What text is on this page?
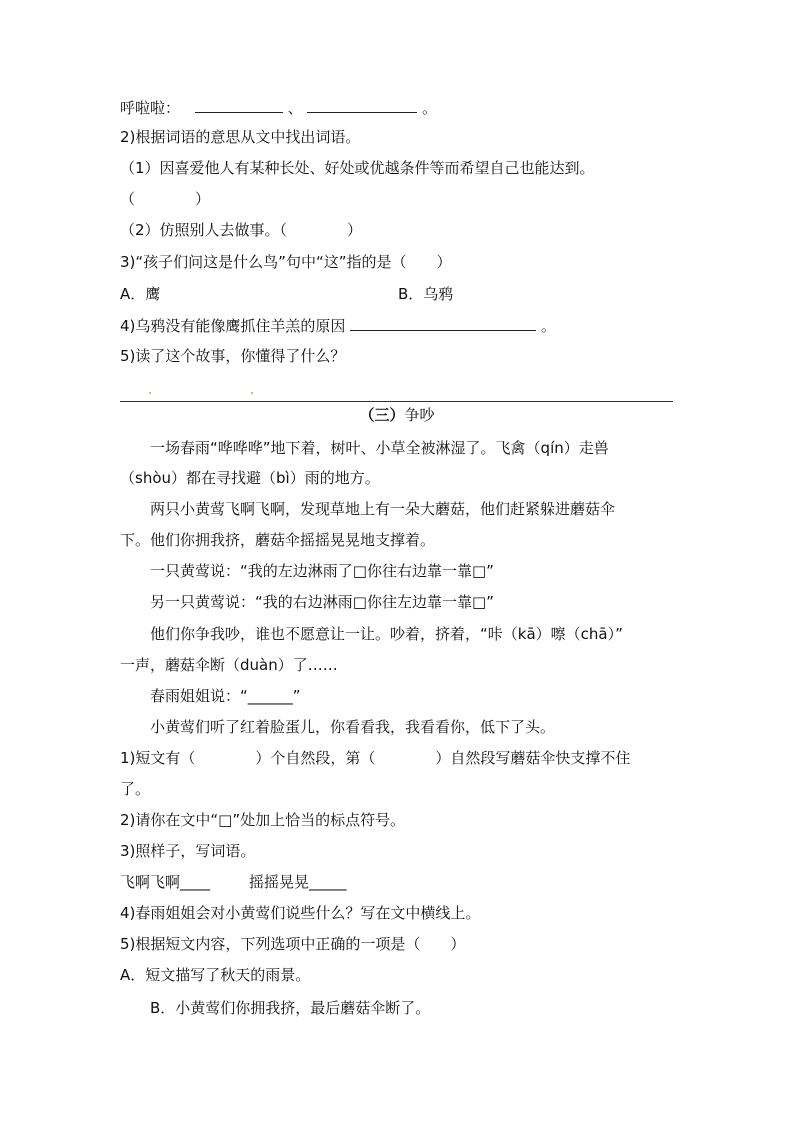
呼啦啦：	、	。
2)根据词语的意思从文中找出词语。
（1）因喜爱他人有某种长处、好处或优越条件等而希望自己也能达到。
（　　　　）
（2）仿照别人去做事。（　　　　）
3)“孩子们问这是什么鸟”句中“这”指的是（　　）
A．鹰	B．乌鸦
4)乌鸦没有能像鹰抓住羊羔的原因	。
5)读了这个故事，你懂得了什么？
（三）争吵
一场春雨“哗哗哗”地下着，树叶、小草全被淋湿了。飞禽（qín）走兽
（shòu）都在寻找避（bì）雨的地方。
两只小黄莺飞啊飞啊，发现草地上有一朵大蘑菇，他们赶紧躲进蘑菇伞
下。他们你拥我挤，蘑菇伞摇摇晃晃地支撑着。
一只黄莺说：“我的左边淋雨了□你往右边靠一靠□”
另一只黄莺说：“我的右边淋雨□你往左边靠一靠□”
他们你争我吵，谁也不愿意让一让。吵着，挤着，“咔（kā）嚓（chā）”
一声，蘑菇伞断（duàn）了……
春雨姐姐说：“______”
小黄莺们听了红着脸蛋儿，你看看我，我看看你，低下了头。
1)短文有（　　　　）个自然段，第（　　　　）自然段写蘑菇伞快支撑不住
了。
2)请你在文中“□”处加上恰当的标点符号。
3)照样子，写词语。
飞啊飞啊____	摇摇晃晃_____
4)春雨姐姐会对小黄莺们说些什么？写在文中横线上。
5)根据短文内容，下列选项中正确的一项是（　　）
A．短文描写了秋天的雨景。
B．小黄莺们你拥我挤，最后蘑菇伞断了。
